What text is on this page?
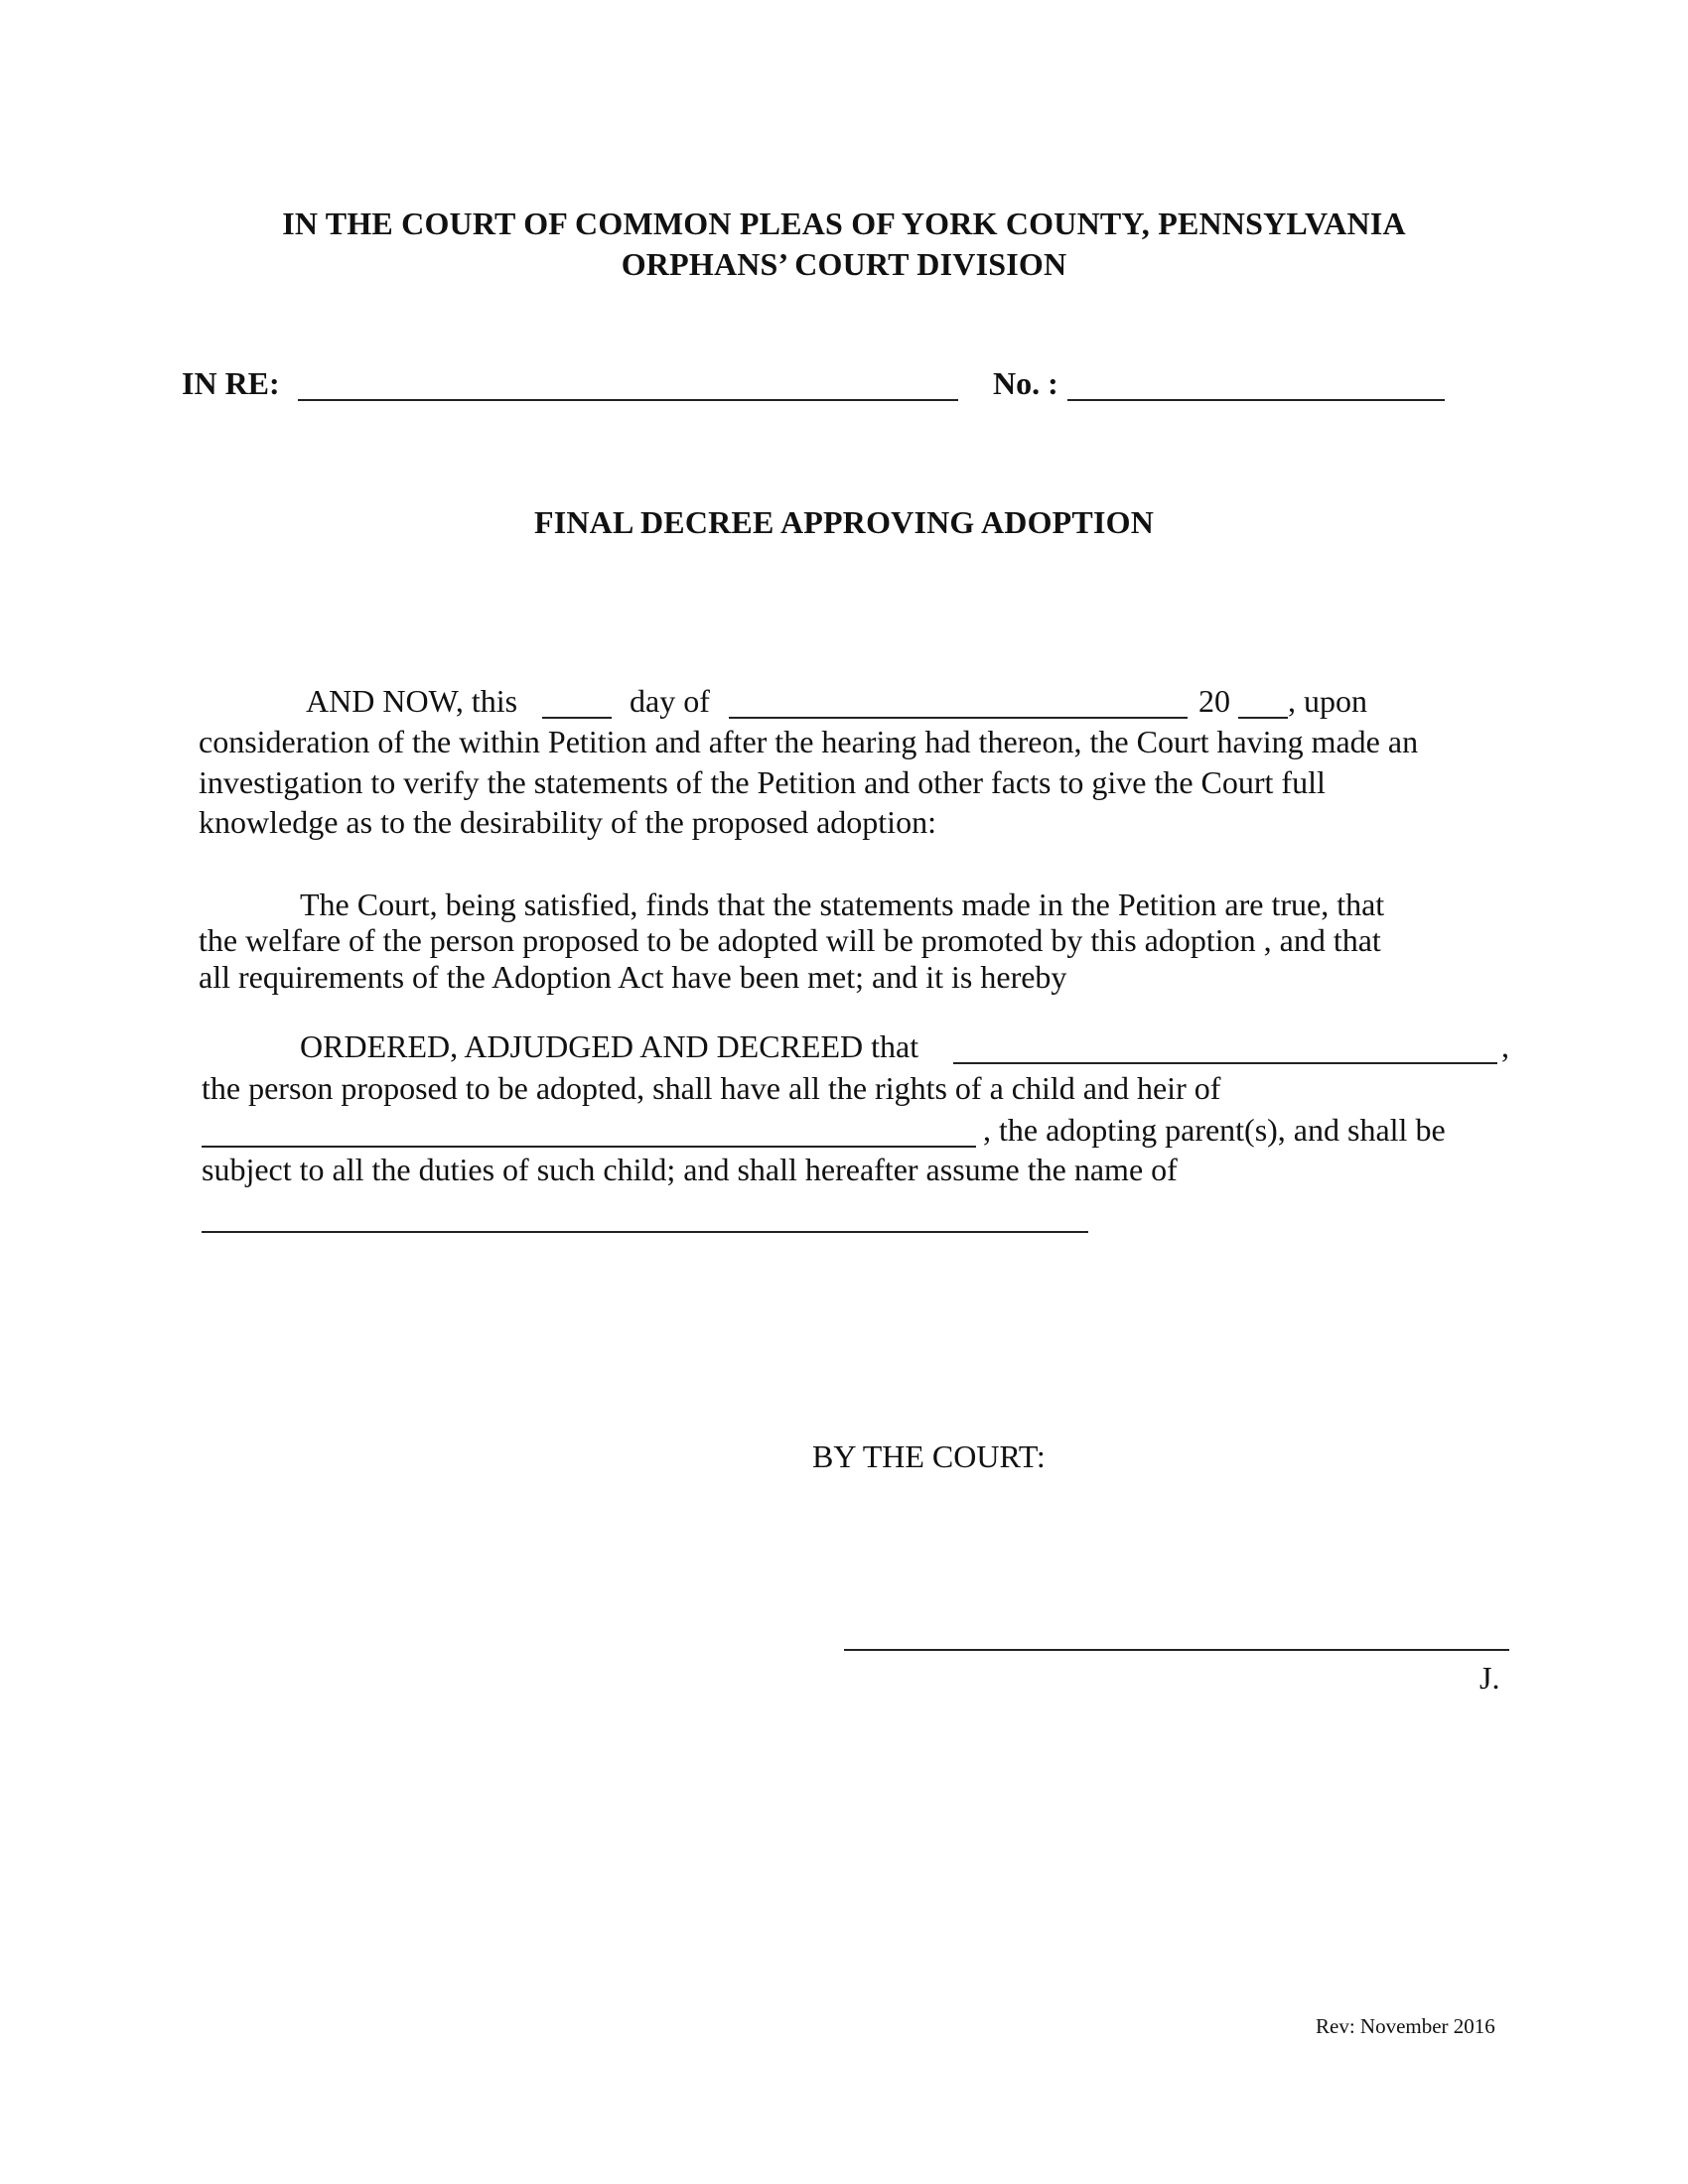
IN THE COURT OF COMMON PLEAS OF YORK COUNTY, PENNSYLVANIA
ORPHANS’ COURT DIVISION
IN RE:	No. :
FINAL DECREE APPROVING ADOPTION
AND NOW, this	day of	20 , upon
consideration of the within Petition and after the hearing had thereon, the Court having made an
investigation to verify the statements of the Petition and other facts to give the Court full
knowledge as to the desirability of the proposed adoption:
The Court, being satisfied, finds that the statements made in the Petition are true, that
the welfare of the person proposed to be adopted will be promoted by this adoption , and that
all requirements of the Adoption Act have been met; and it is hereby
ORDERED, ADJUDGED AND DECREED that	,
the person proposed to be adopted, shall have all the rights of a child and heir of
, the adopting parent(s), and shall be
subject to all the duties of such child; and shall hereafter assume the name of
BY THE COURT:
J.
Rev: November 2016
